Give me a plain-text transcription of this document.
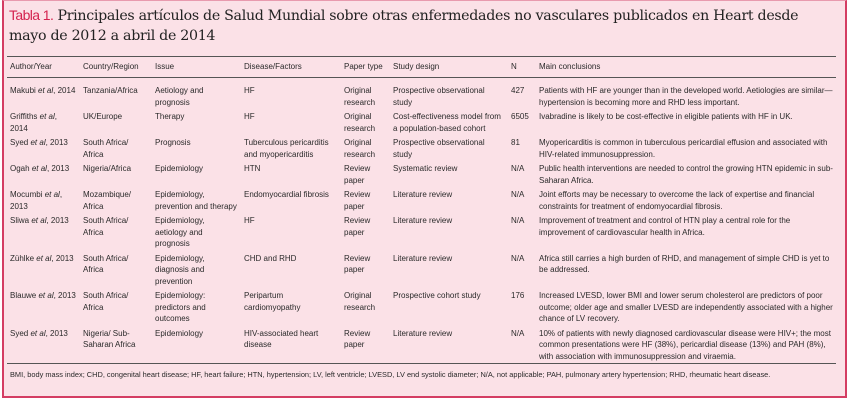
Tabla 1. Principales artículos de Salud Mundial sobre otras enfermedades no vasculares publicados en Heart desde mayo de 2012 a abril de 2014
Author/Year	Country/Region	Issue	Disease/Factors	Paper type	Study design	N	Main conclusions
Makubi et al, 2014	Tanzania/Africa	Aetiology and prognosis	HF	Original research	Prospective observational study	427	Patients with HF are younger than in the developed world. Aetiologies are similar—hypertension is becoming more and RHD less important.
Griffiths et al, 2014	UK/Europe	Therapy	HF	Original research	Cost-effectiveness model from a population-based cohort	6505	Ivabradine is likely to be cost-effective in eligible patients with HF in UK.
Syed et al, 2013	South Africa/ Africa	Prognosis	Tuberculous pericarditis and myopericarditis	Original research	Prospective observational study	81	Myopericarditis is common in tuberculous pericardial effusion and associated with HIV-related immunosuppression.
Ogah et al, 2013	Nigeria/Africa	Epidemiology	HTN	Review paper	Systematic review	N/A	Public health interventions are needed to control the growing HTN epidemic in sub-Saharan Africa.
Mocumbi et al, 2013	Mozambique/ Africa	Epidemiology, prevention and therapy	Endomyocardial fibrosis	Review paper	Literature review	N/A	Joint efforts may be necessary to overcome the lack of expertise and financial constraints for treatment of endomyocardial fibrosis.
Sliwa et al, 2013	South Africa/ Africa	Epidemiology, aetiology and prognosis	HF	Review paper	Literature review	N/A	Improvement of treatment and control of HTN play a central role for the improvement of cardiovascular health in Africa.
Zühlke et al, 2013	South Africa/ Africa	Epidemiology, diagnosis and prevention	CHD and RHD	Review paper	Literature review	N/A	Africa still carries a high burden of RHD, and management of simple CHD is yet to be addressed.
Blauwe et al, 2013	South Africa/ Africa	Epidemiology: predictors and outcomes	Peripartum cardiomyopathy	Original research	Prospective cohort study	176	Increased LVESD, lower BMI and lower serum cholesterol are predictors of poor outcome; older age and smaller LVESD are independently associated with a higher chance of LV recovery.
Syed et al, 2013	Nigeria/ Sub-Saharan Africa	Epidemiology	HIV-associated heart disease	Review paper	Literature review	N/A	10% of patients with newly diagnosed cardiovascular disease were HIV+; the most common presentations were HF (38%), pericardial disease (13%) and PAH (8%), with association with immunosuppression and viraemia.
BMI, body mass index; CHD, congenital heart disease; HF, heart failure; HTN, hypertension; LV, left ventricle; LVESD, LV end systolic diameter; N/A, not applicable; PAH, pulmonary artery hypertension; RHD, rheumatic heart disease.							
